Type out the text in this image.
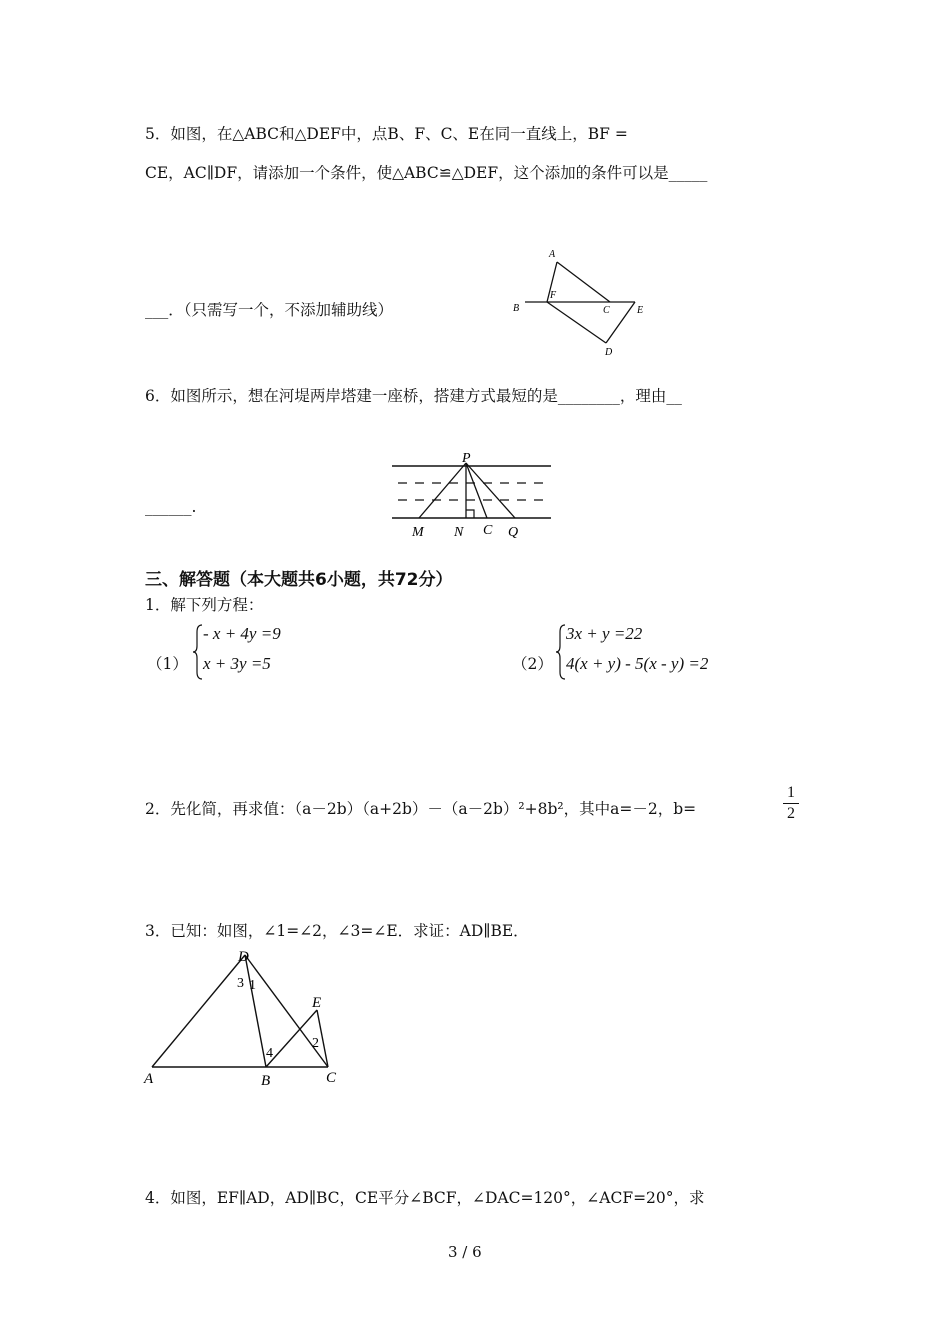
5．如图，在△ABC和△DEF中，点B、F、C、E在同一直线上，BF =
CE，AC∥DF，请添加一个条件，使△ABC≌△DEF，这个添加的条件可以是_____
___．（只需写一个，不添加辅助线）
A
B
F
C	E
D
6．如图所示，想在河堤两岸塔建一座桥，搭建方式最短的是________，理由__
______.
P
M N C Q
三、解答题（本大题共6小题，共72分）
1．解下列方程：
（1）
- x + 4y =9
x + 3y =5	（2）
3x + y =22
4(x + y) - 5(x - y) =2
2．先化简，再求值：（a－2b）（a+2b）－（a－2b）²+8b²，其中a=－2，b=
1
2
3．已知：如图，∠1=∠2，∠3=∠E．求证：AD∥BE．
D
A	B	C
E
3 1
4
2
4．如图，EF∥AD，AD∥BC，CE平分∠BCF，∠DAC=120°，∠ACF=20°，求
3 / 6
